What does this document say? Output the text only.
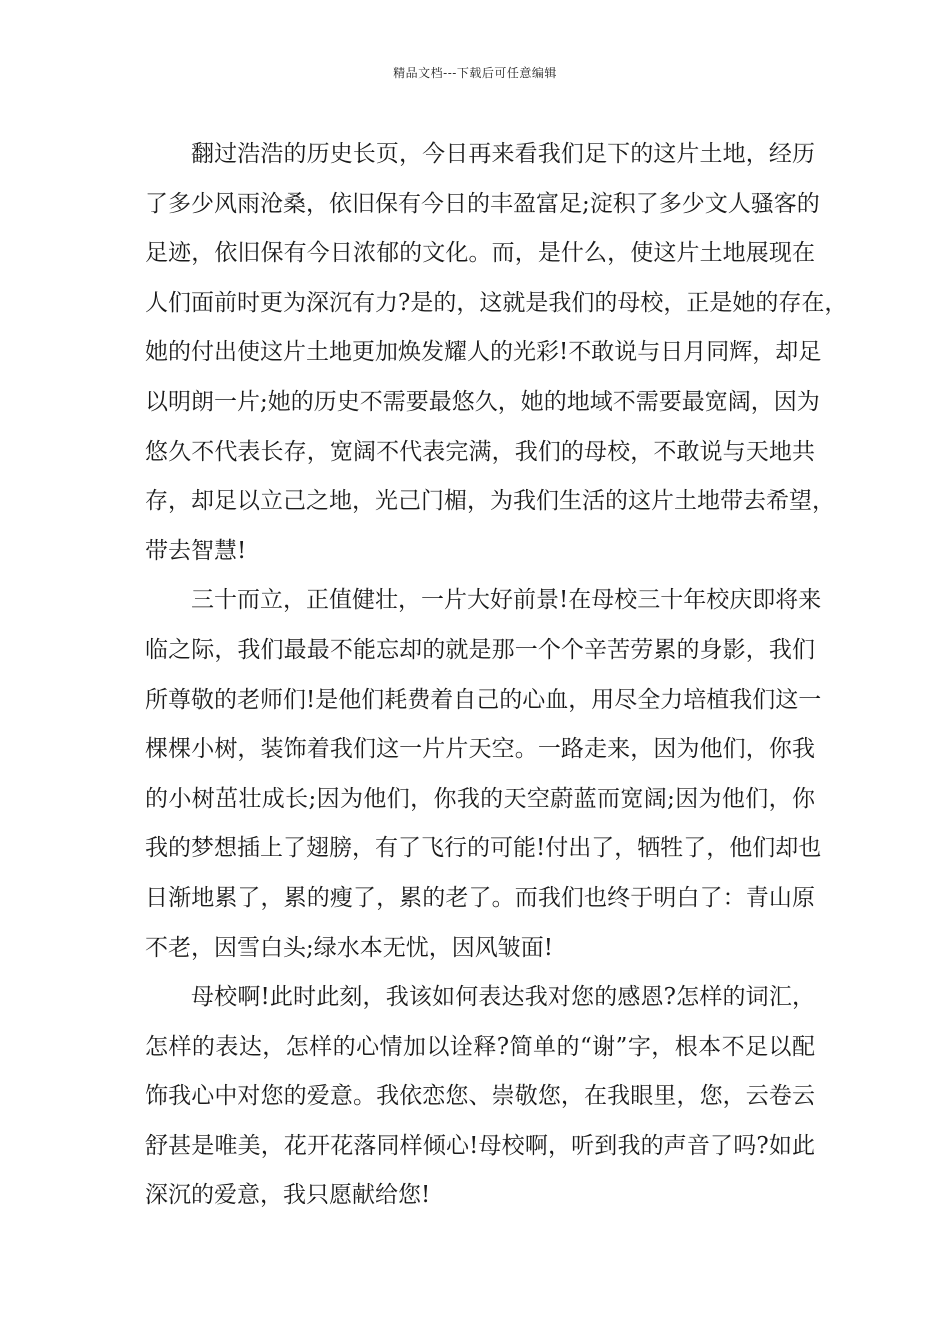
精品文档---下载后可任意编辑
翻过浩浩的历史长页，今日再来看我们足下的这片土地，经历
了多少风雨沧桑，依旧保有今日的丰盈富足;淀积了多少文人骚客的
足迹，依旧保有今日浓郁的文化。而，是什么，使这片土地展现在
人们面前时更为深沉有力?是的，这就是我们的母校，正是她的存在，
她的付出使这片土地更加焕发耀人的光彩!不敢说与日月同辉，却足
以明朗一片;她的历史不需要最悠久，她的地域不需要最宽阔，因为
悠久不代表长存，宽阔不代表完满，我们的母校，不敢说与天地共
存，却足以立己之地，光己门楣，为我们生活的这片土地带去希望，
带去智慧!
三十而立，正值健壮，一片大好前景!在母校三十年校庆即将来
临之际，我们最最不能忘却的就是那一个个辛苦劳累的身影，我们
所尊敬的老师们!是他们耗费着自己的心血，用尽全力培植我们这一
棵棵小树，装饰着我们这一片片天空。一路走来，因为他们，你我
的小树茁壮成长;因为他们，你我的天空蔚蓝而宽阔;因为他们，你
我的梦想插上了翅膀，有了飞行的可能!付出了，牺牲了，他们却也
日渐地累了，累的瘦了，累的老了。而我们也终于明白了：青山原
不老，因雪白头;绿水本无忧，因风皱面!
母校啊!此时此刻，我该如何表达我对您的感恩?怎样的词汇，
怎样的表达，怎样的心情加以诠释?简单的“谢”字，根本不足以配
饰我心中对您的爱意。我依恋您、崇敬您，在我眼里，您，云卷云
舒甚是唯美，花开花落同样倾心!母校啊，听到我的声音了吗?如此
深沉的爱意，我只愿献给您!
